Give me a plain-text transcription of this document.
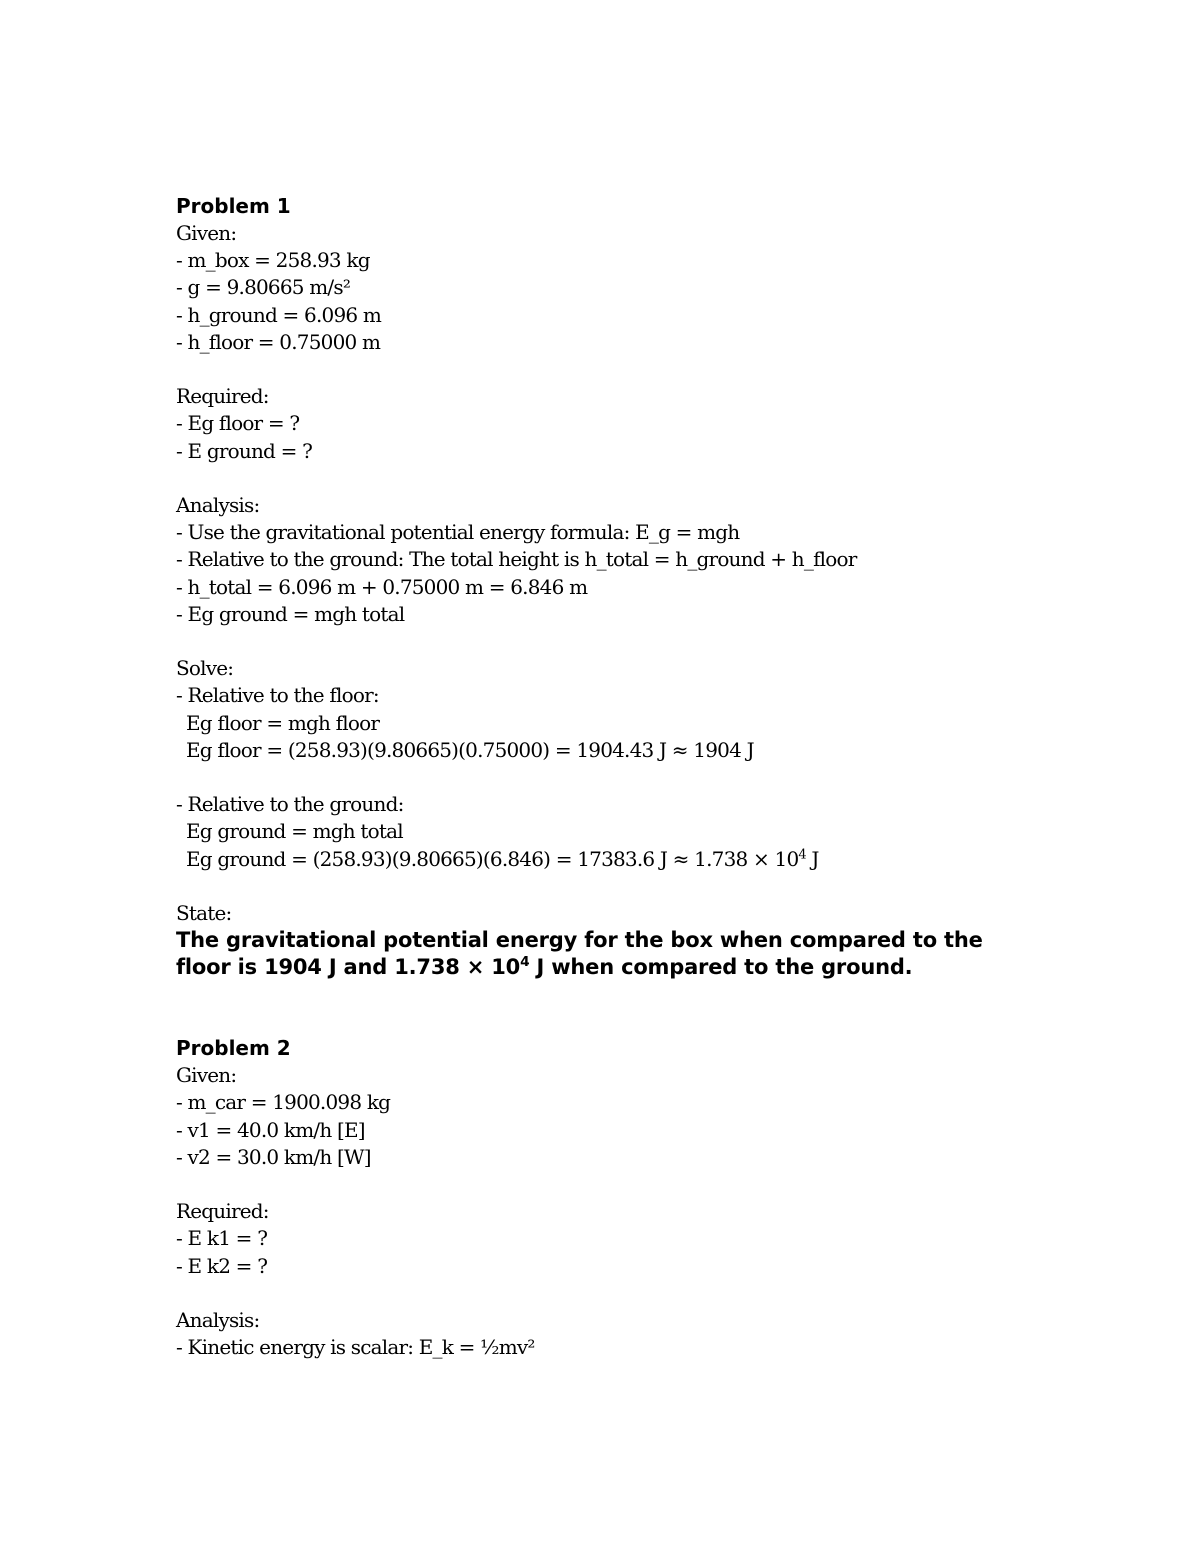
Problem 1

Given:

- m_box = 258.93 kg

- g = 9.80665 m/s²

- h_ground = 6.096 m

- h_floor = 0.75000 m

Required:

- Eg floor = ?

- E ground = ?

Analysis:

- Use the gravitational potential energy formula: E_g = mgh

- Relative to the ground: The total height is h_total = h_ground + h_floor

- h_total = 6.096 m + 0.75000 m = 6.846 m

- Eg ground = mgh total

Solve:

- Relative to the floor:

Eg floor = mgh floor

Eg floor = (258.93)(9.80665)(0.75000) = 1904.43 J ≈ 1904 J

- Relative to the ground:

Eg ground = mgh total

Eg ground = (258.93)(9.80665)(6.846) = 17383.6 $J \approx 1.738 \times 10^4$ J

State:

The gravitational potential energy for the box when compared to the floor is 1904 J and $1.738 \times 10^4$ J when compared to the ground.

Problem 2

Given:

- m_car = 1900.098 kg

- v1 = 40.0 km/h [E]

- v2 = 30.0 km/h [W]

Required:

- E k1 = ?

- E k2 = ?

Analysis:

- Kinetic energy is scalar: E_k = ½mv²
